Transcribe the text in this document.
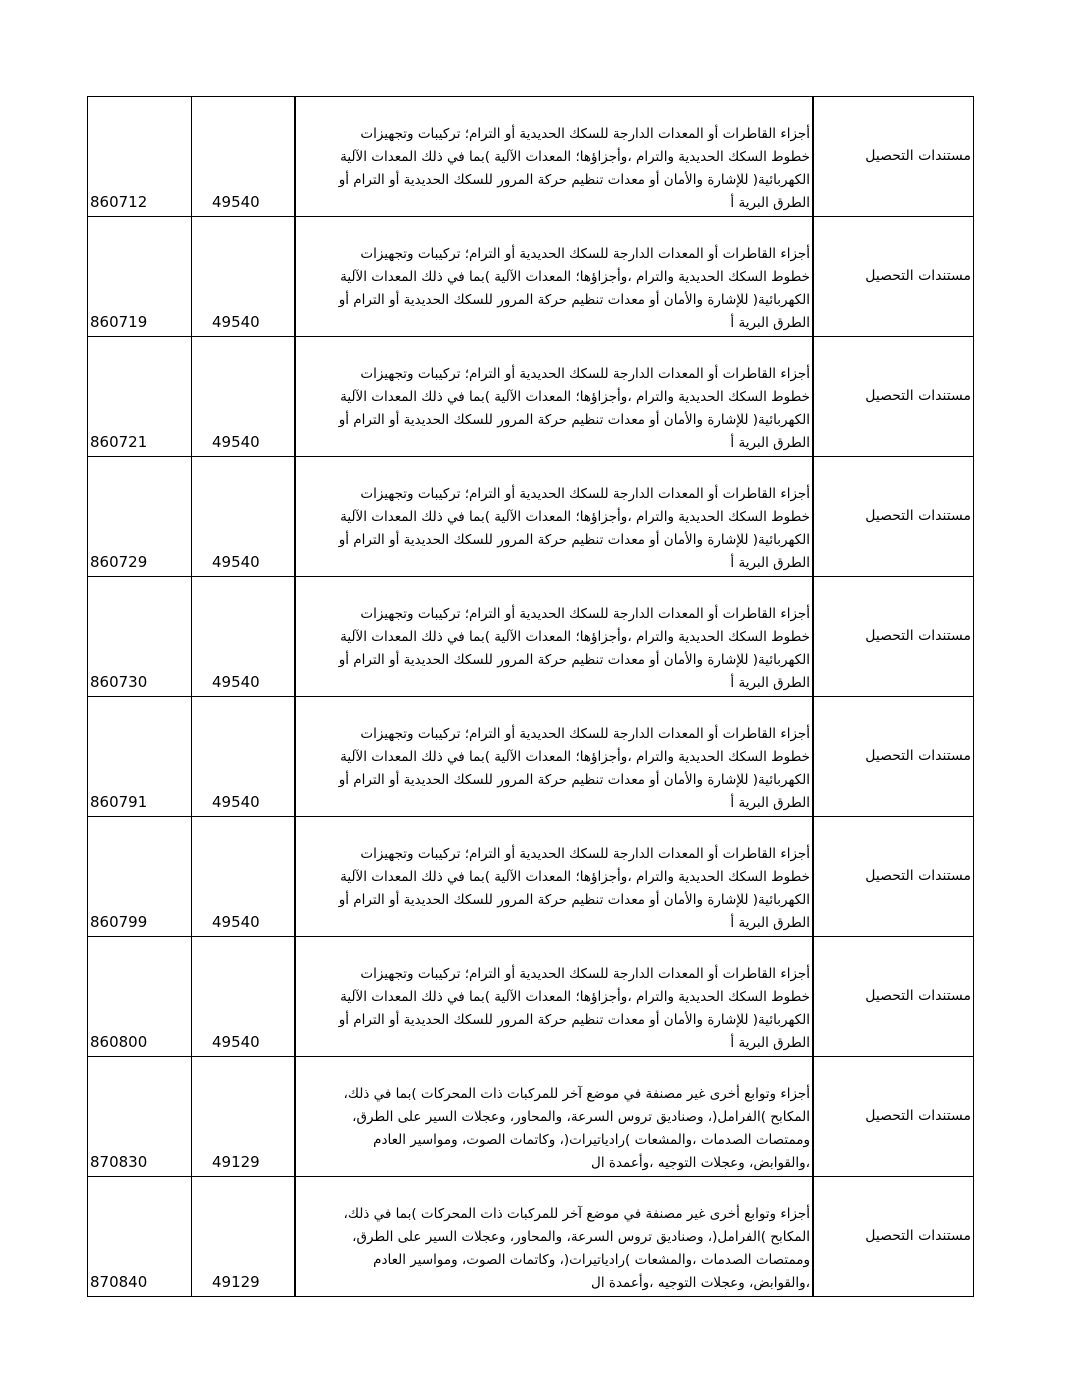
860712	49540	أجزاء القاطرات أو المعدات الدارجة للسكك الحديدية أو الترام؛ تركيبات وتجهيزات
خطوط السكك الحديدية والترام ،وأجزاؤها؛ المعدات الآلية )بما في ذلك المعدات الآلية
الكهربائية( للإشارة والأمان أو معدات تنظيم حركة المرور للسكك الحديدية أو الترام أو
الطرق البرية أ	مستندات التحصيل
860719	49540	أجزاء القاطرات أو المعدات الدارجة للسكك الحديدية أو الترام؛ تركيبات وتجهيزات
خطوط السكك الحديدية والترام ،وأجزاؤها؛ المعدات الآلية )بما في ذلك المعدات الآلية
الكهربائية( للإشارة والأمان أو معدات تنظيم حركة المرور للسكك الحديدية أو الترام أو
الطرق البرية أ	مستندات التحصيل
860721	49540	أجزاء القاطرات أو المعدات الدارجة للسكك الحديدية أو الترام؛ تركيبات وتجهيزات
خطوط السكك الحديدية والترام ،وأجزاؤها؛ المعدات الآلية )بما في ذلك المعدات الآلية
الكهربائية( للإشارة والأمان أو معدات تنظيم حركة المرور للسكك الحديدية أو الترام أو
الطرق البرية أ	مستندات التحصيل
860729	49540	أجزاء القاطرات أو المعدات الدارجة للسكك الحديدية أو الترام؛ تركيبات وتجهيزات
خطوط السكك الحديدية والترام ،وأجزاؤها؛ المعدات الآلية )بما في ذلك المعدات الآلية
الكهربائية( للإشارة والأمان أو معدات تنظيم حركة المرور للسكك الحديدية أو الترام أو
الطرق البرية أ	مستندات التحصيل
860730	49540	أجزاء القاطرات أو المعدات الدارجة للسكك الحديدية أو الترام؛ تركيبات وتجهيزات
خطوط السكك الحديدية والترام ،وأجزاؤها؛ المعدات الآلية )بما في ذلك المعدات الآلية
الكهربائية( للإشارة والأمان أو معدات تنظيم حركة المرور للسكك الحديدية أو الترام أو
الطرق البرية أ	مستندات التحصيل
860791	49540	أجزاء القاطرات أو المعدات الدارجة للسكك الحديدية أو الترام؛ تركيبات وتجهيزات
خطوط السكك الحديدية والترام ،وأجزاؤها؛ المعدات الآلية )بما في ذلك المعدات الآلية
الكهربائية( للإشارة والأمان أو معدات تنظيم حركة المرور للسكك الحديدية أو الترام أو
الطرق البرية أ	مستندات التحصيل
860799	49540	أجزاء القاطرات أو المعدات الدارجة للسكك الحديدية أو الترام؛ تركيبات وتجهيزات
خطوط السكك الحديدية والترام ،وأجزاؤها؛ المعدات الآلية )بما في ذلك المعدات الآلية
الكهربائية( للإشارة والأمان أو معدات تنظيم حركة المرور للسكك الحديدية أو الترام أو
الطرق البرية أ	مستندات التحصيل
860800	49540	أجزاء القاطرات أو المعدات الدارجة للسكك الحديدية أو الترام؛ تركيبات وتجهيزات
خطوط السكك الحديدية والترام ،وأجزاؤها؛ المعدات الآلية )بما في ذلك المعدات الآلية
الكهربائية( للإشارة والأمان أو معدات تنظيم حركة المرور للسكك الحديدية أو الترام أو
الطرق البرية أ	مستندات التحصيل
870830	49129	أجزاء وتوابع أخرى غير مصنفة في موضع آخر للمركبات ذات المحركات )بما في ذلك،
المكابح )الفرامل(، وصناديق تروس السرعة، والمحاور، وعجلات السير على الطرق،
وممتصات الصدمات ،والمشعات )رادياتيرات(، وكاتمات الصوت، ومواسير العادم
،والقوابض، وعجلات التوجيه ،وأعمدة ال	مستندات التحصيل
870840	49129	أجزاء وتوابع أخرى غير مصنفة في موضع آخر للمركبات ذات المحركات )بما في ذلك،
المكابح )الفرامل(، وصناديق تروس السرعة، والمحاور، وعجلات السير على الطرق،
وممتصات الصدمات ،والمشعات )رادياتيرات(، وكاتمات الصوت، ومواسير العادم
،والقوابض، وعجلات التوجيه ،وأعمدة ال	مستندات التحصيل
